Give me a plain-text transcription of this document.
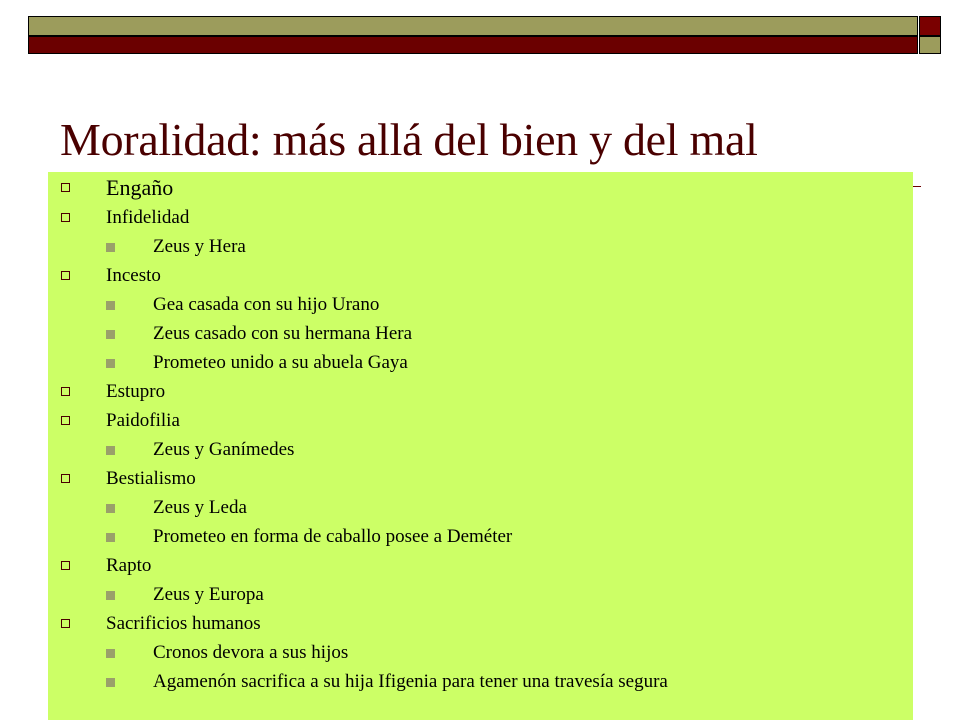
Moralidad: más allá del bien y del mal
Engaño
Infidelidad
Zeus y Hera
Incesto
Gea casada con su hijo Urano
Zeus casado con su hermana Hera
Prometeo unido a su abuela Gaya
Estupro
Paidofilia
Zeus y Ganímedes
Bestialismo
Zeus y Leda
Prometeo en forma de caballo posee a Deméter
Rapto
Zeus y Europa
Sacrificios humanos
Cronos devora a sus hijos
Agamenón sacrifica a su hija Ifigenia para tener una travesía segura
